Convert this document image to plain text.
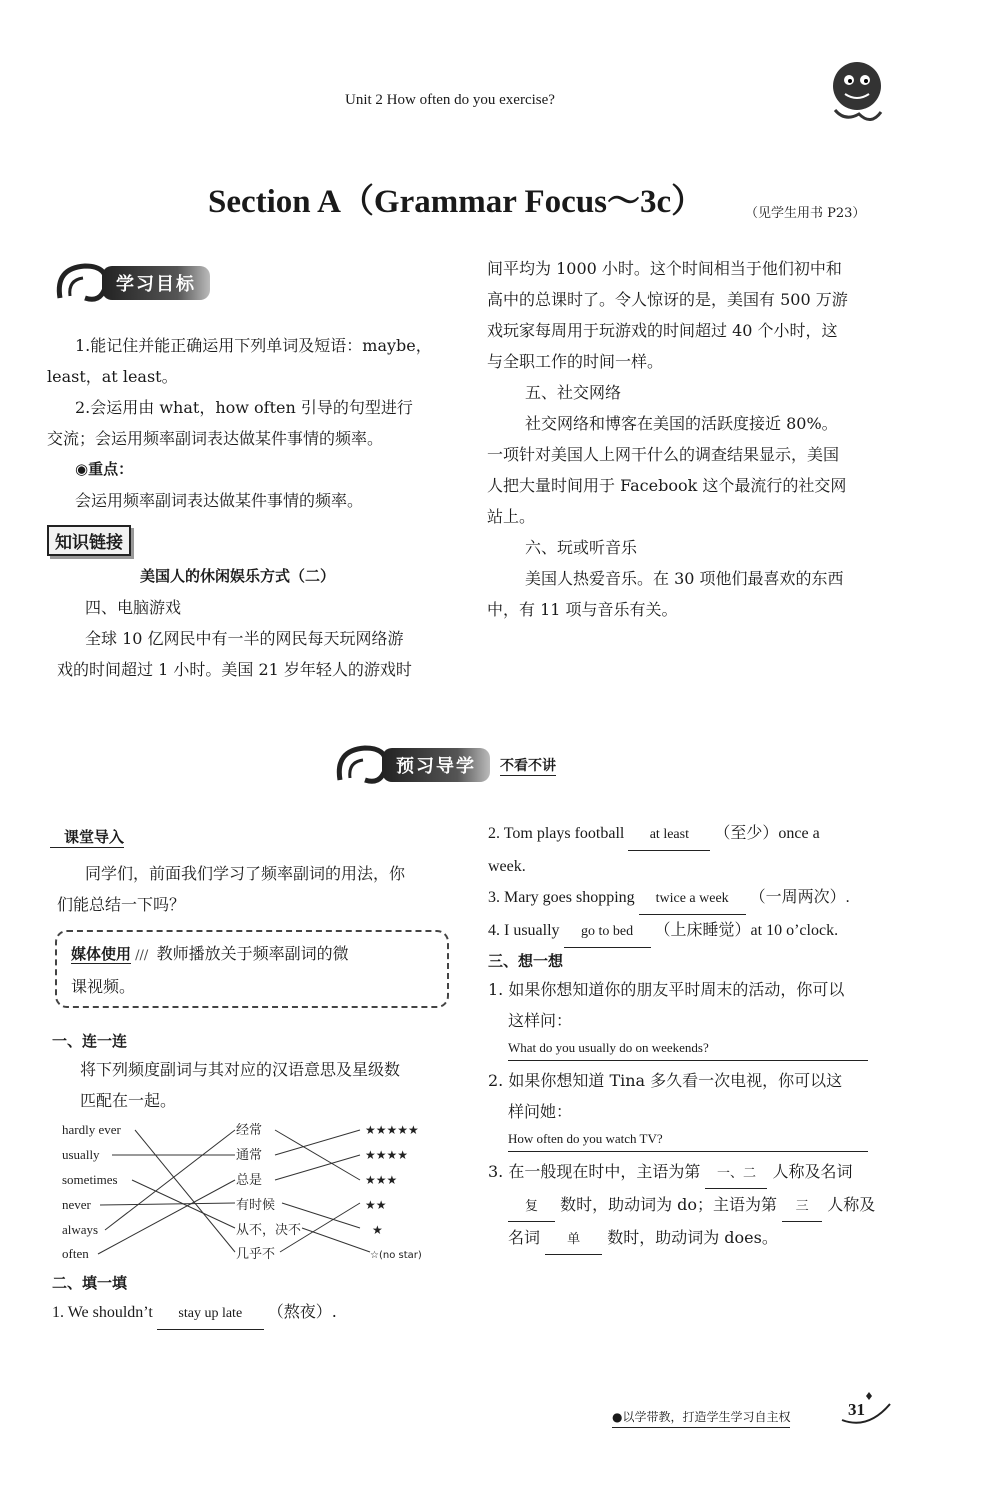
Unit 2 How often do you exercise?
Section A（Grammar Focus～3c）	（见学生用书 P23）
学习目标
1.能记住并能正确运用下列单词及短语：maybe，
least，at least。
2.会运用由 what，how often 引导的句型进行
交流；会运用频率副词表达做某件事情的频率。
◉重点：
会运用频率副词表达做某件事情的频率。
知识链接
美国人的休闲娱乐方式（二）
四、电脑游戏
全球 10 亿网民中有一半的网民每天玩网络游
戏的时间超过 1 小时。美国 21 岁年轻人的游戏时
间平均为 1000 小时。这个时间相当于他们初中和
高中的总课时了。令人惊讶的是，美国有 500 万游
戏玩家每周用于玩游戏的时间超过 40 个小时，这
与全职工作的时间一样。
五、社交网络
社交网络和博客在美国的活跃度接近 80%。
一项针对美国人上网干什么的调查结果显示，美国
人把大量时间用于 Facebook 这个最流行的社交网
站上。
六、玩或听音乐
美国人热爱音乐。在 30 项他们最喜欢的东西
中，有 11 项与音乐有关。
预习导学	不看不讲
课堂导入
同学们，前面我们学习了频率副词的用法，你
们能总结一下吗？
媒体使用 ///  教师播放关于频率副词的微
课视频。
一、连一连
将下列频度副词与其对应的汉语意思及星级数
匹配在一起。
hardly ever
usually
sometimes
never
always
often
经常
通常
总是
有时候
从不，决不
几乎不
★★★★★
★★★★
★★★
★★
★
☆(no star)
二、填一填
1. We shouldn’t stay up late （熬夜）.
2. Tom plays football at least （至少）once a
week.
3. Mary goes shopping twice a week （一周两次）.
4. I usually go to bed （上床睡觉）at 10 o’clock.
三、想一想
1. 如果你想知道你的朋友平时周末的活动，你可以
这样问：
What do you usually do on weekends?
2. 如果你想知道 Tina 多久看一次电视，你可以这
样问她：
How often do you watch TV?
3. 在一般现在时中，主语为第 一、二 人称及名词
复 数时，助动词为 do；主语为第 三 人称及
名词 单 数时，助动词为 does。
●以学带教，打造学生学习自主权	31
